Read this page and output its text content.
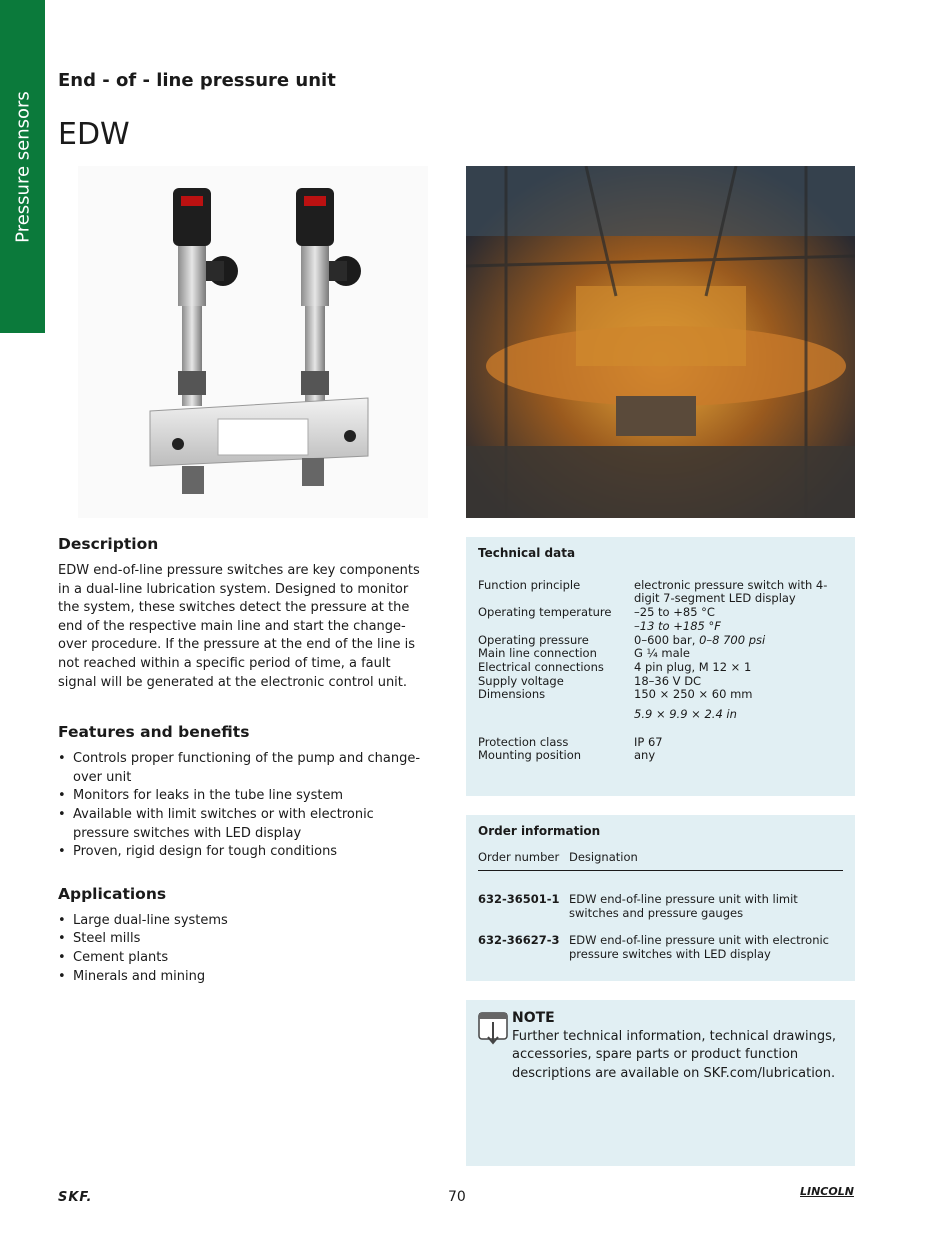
Pressure sensors
End - of - line pressure unit
EDW
Description

EDW end-of-line pressure switches are key components in a dual-line lubrication system. Designed to monitor the system, these switches detect the pressure at the end of the respective main line and start the change-over procedure. If the pressure at the end of the line is not reached within a specific period of time, a fault signal will be generated at the electronic control unit.

Features and benefits
• Controls proper functioning of the pump and change-over unit
• Monitors for leaks in the tube line system
• Available with limit switches or with electronic pressure switches with LED display
• Proven, rigid design for tough conditions
Applications
• Large dual-line systems
• Steel mills
• Cement plants
• Minerals and mining
Technical data
Function principle	electronic pressure switch with 4-digit 7-segment LED display
Operating temperature	–25 to +85 °C
–13 to +185 °F
Operating pressure	0–600 bar, 0–8 700 psi
Main line connection	G ¼ male
Electrical connections	4 pin plug, M 12 × 1
Supply voltage	18–36 V DC
Dimensions	150 × 250 × 60 mm
5.9 × 9.9 × 2.4 in
Protection class	IP 67
Mounting position	any
Order information
Order number Designation
632-36501-1 EDW end-of-line pressure unit with limit switches and pressure gauges
632-36627-3 EDW end-of-line pressure unit with electronic pressure switches with LED display
NOTE
Further technical information, technical drawings, accessories, spare parts or product function descriptions are available on SKF.com/lubrication.
SKF.	70	LINCOLN
